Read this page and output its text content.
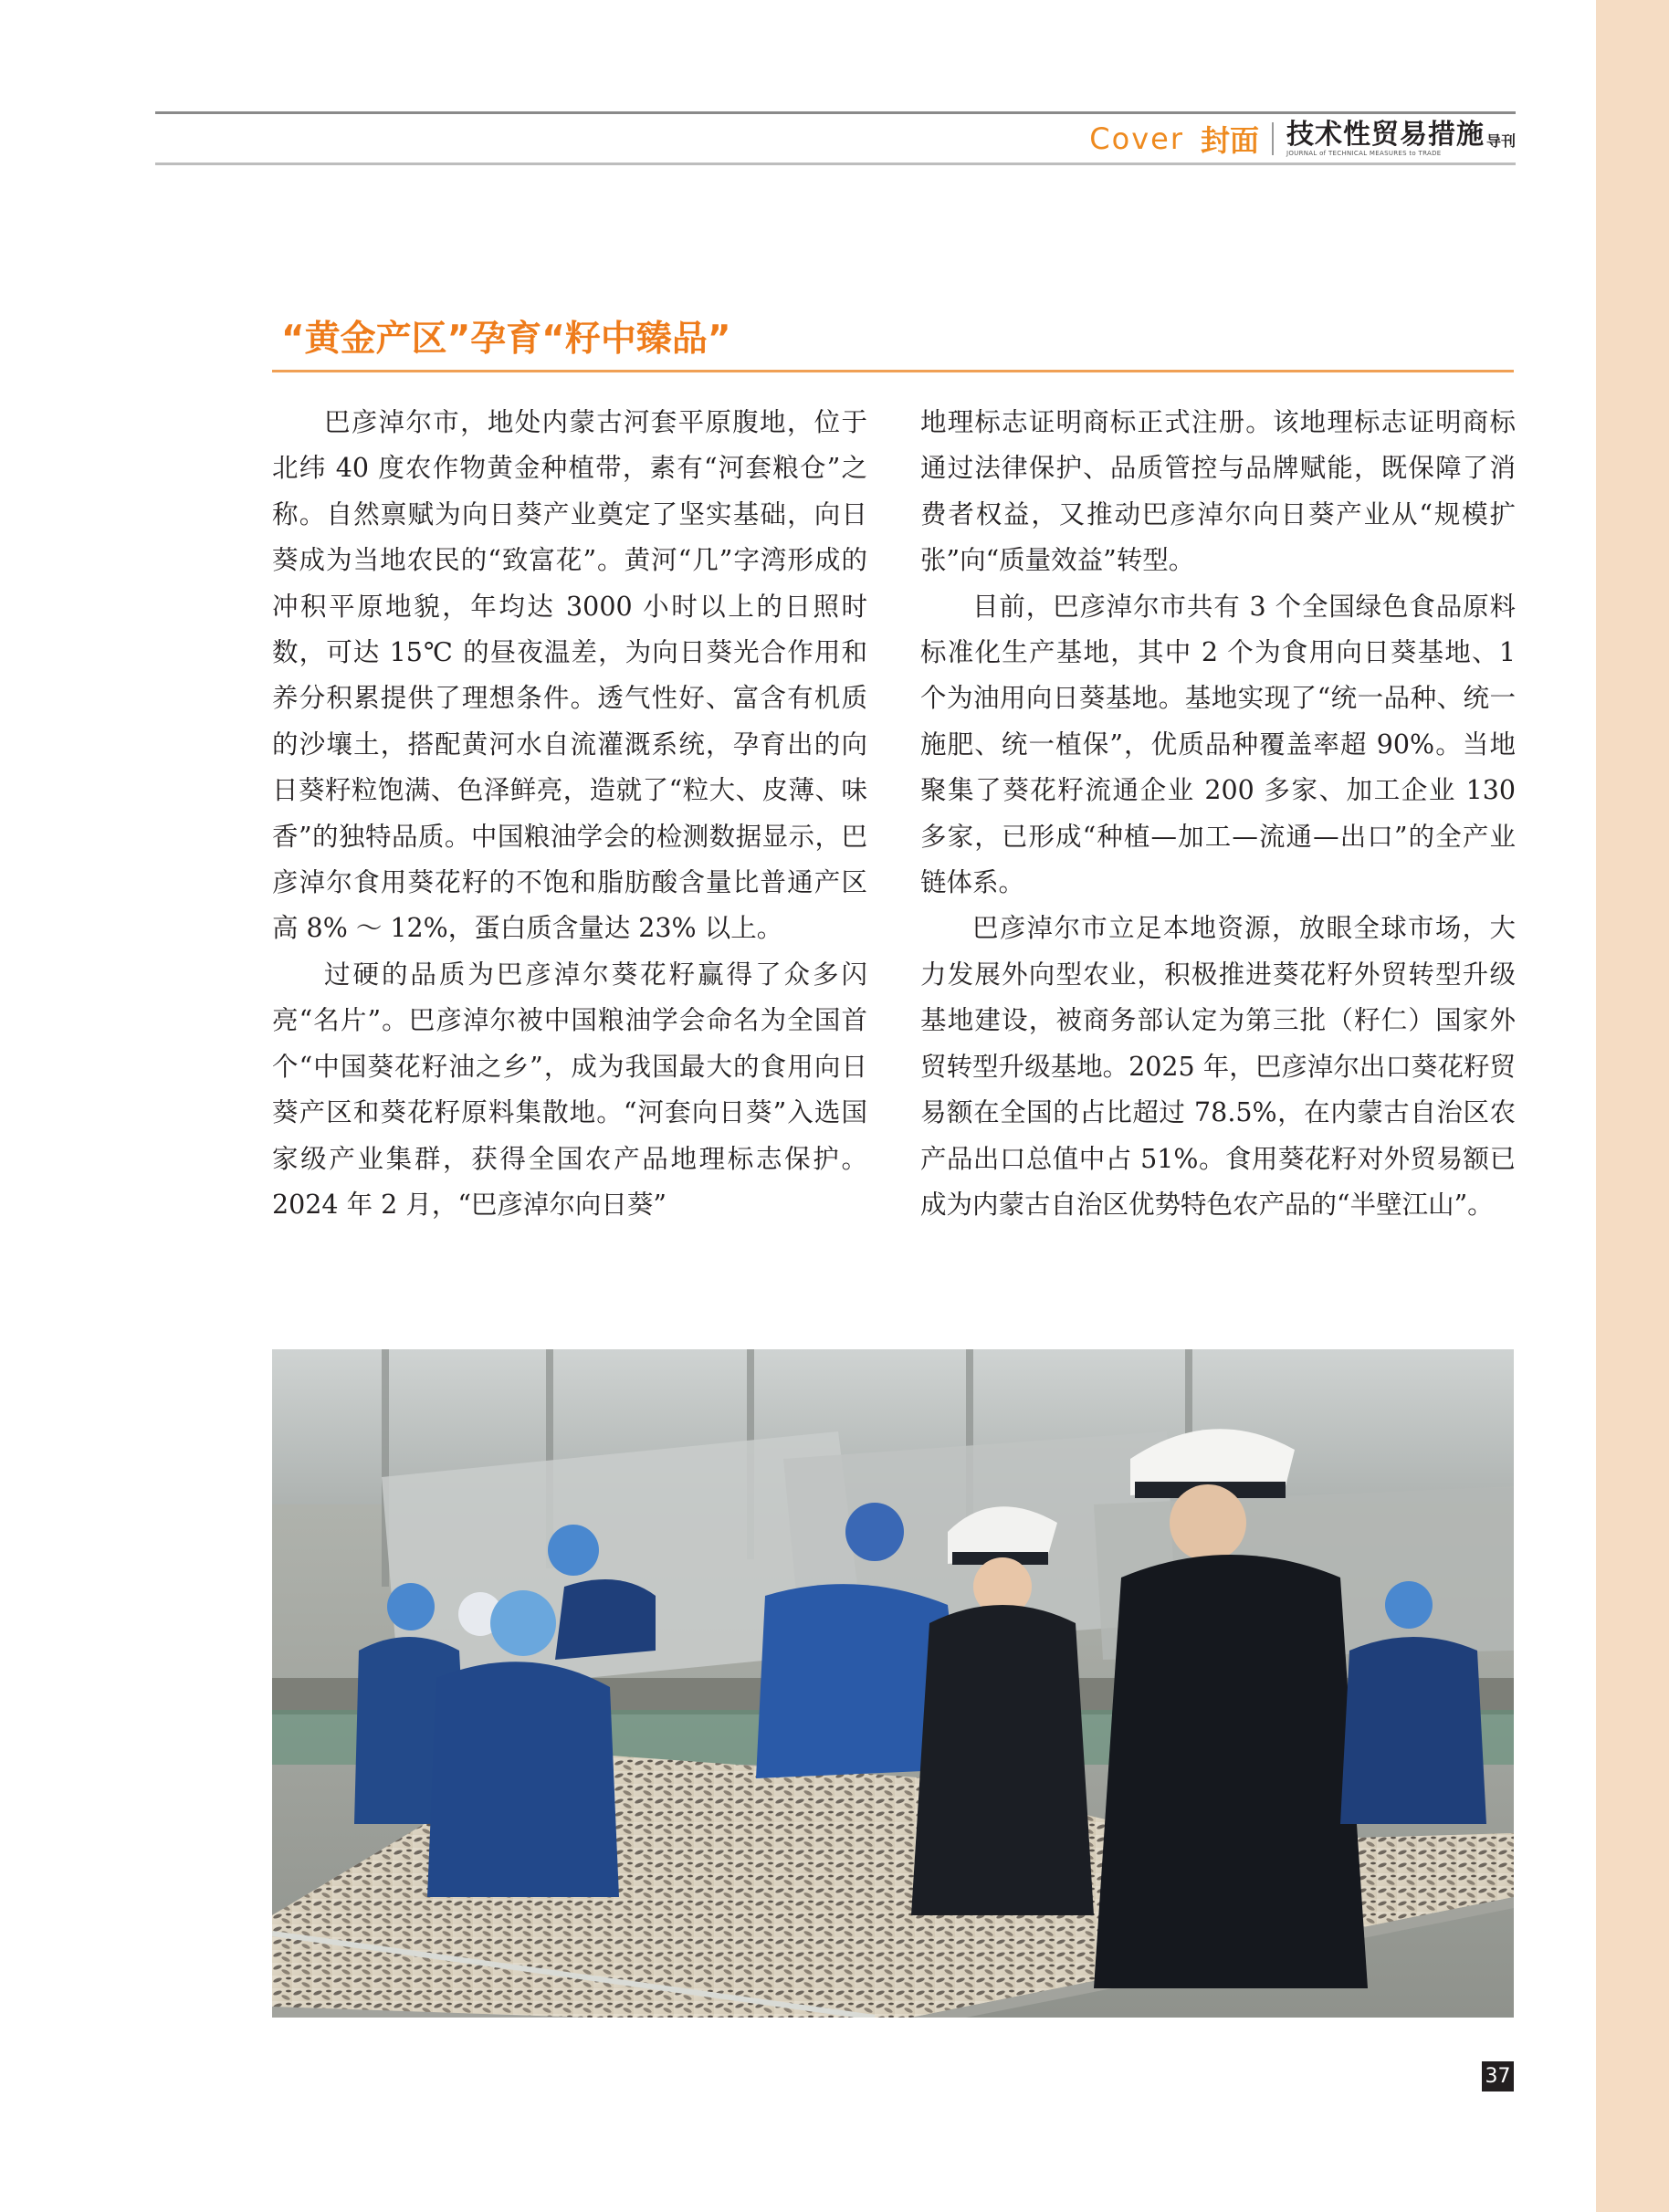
Cover 封面 技术性贸易措施 导刊
JOURNAL of TECHNICAL MEASURES to TRADE
“黄金产区”孕育“籽中臻品”

巴彦淖尔市，地处内蒙古河套平原腹地，位于北纬 40 度农作物黄金种植带，素有“河套粮仓”之称。自然禀赋为向日葵产业奠定了坚实基础，向日葵成为当地农民的“致富花”。黄河“几”字湾形成的冲积平原地貌，年均达 3000 小时以上的日照时数，可达 15℃ 的昼夜温差，为向日葵光合作用和养分积累提供了理想条件。透气性好、富含有机质的沙壤土，搭配黄河水自流灌溉系统，孕育出的向日葵籽粒饱满、色泽鲜亮，造就了“粒大、皮薄、味香”的独特品质。中国粮油学会的检测数据显示，巴彦淖尔食用葵花籽的不饱和脂肪酸含量比普通产区高 8% ～ 12%，蛋白质含量达 23% 以上。

过硬的品质为巴彦淖尔葵花籽赢得了众多闪亮“名片”。巴彦淖尔被中国粮油学会命名为全国首个“中国葵花籽油之乡”，成为我国最大的食用向日葵产区和葵花籽原料集散地。“河套向日葵”入选国家级产业集群，获得全国农产品地理标志保护。2024 年 2 月，“巴彦淖尔向日葵”

地理标志证明商标正式注册。该地理标志证明商标通过法律保护、品质管控与品牌赋能，既保障了消费者权益，又推动巴彦淖尔向日葵产业从“规模扩张”向“质量效益”转型。

目前，巴彦淖尔市共有 3 个全国绿色食品原料标准化生产基地，其中 2 个为食用向日葵基地、1 个为油用向日葵基地。基地实现了“统一品种、统一施肥、统一植保”，优质品种覆盖率超 90%。当地聚集了葵花籽流通企业 200 多家、加工企业 130 多家，已形成“种植—加工—流通—出口”的全产业链体系。

巴彦淖尔市立足本地资源，放眼全球市场，大力发展外向型农业，积极推进葵花籽外贸转型升级基地建设，被商务部认定为第三批（籽仁）国家外贸转型升级基地。2025 年，巴彦淖尔出口葵花籽贸易额在全国的占比超过 78.5%，在内蒙古自治区农产品出口总值中占 51%。食用葵花籽对外贸易额已成为内蒙古自治区优势特色农产品的“半壁江山”。

37
